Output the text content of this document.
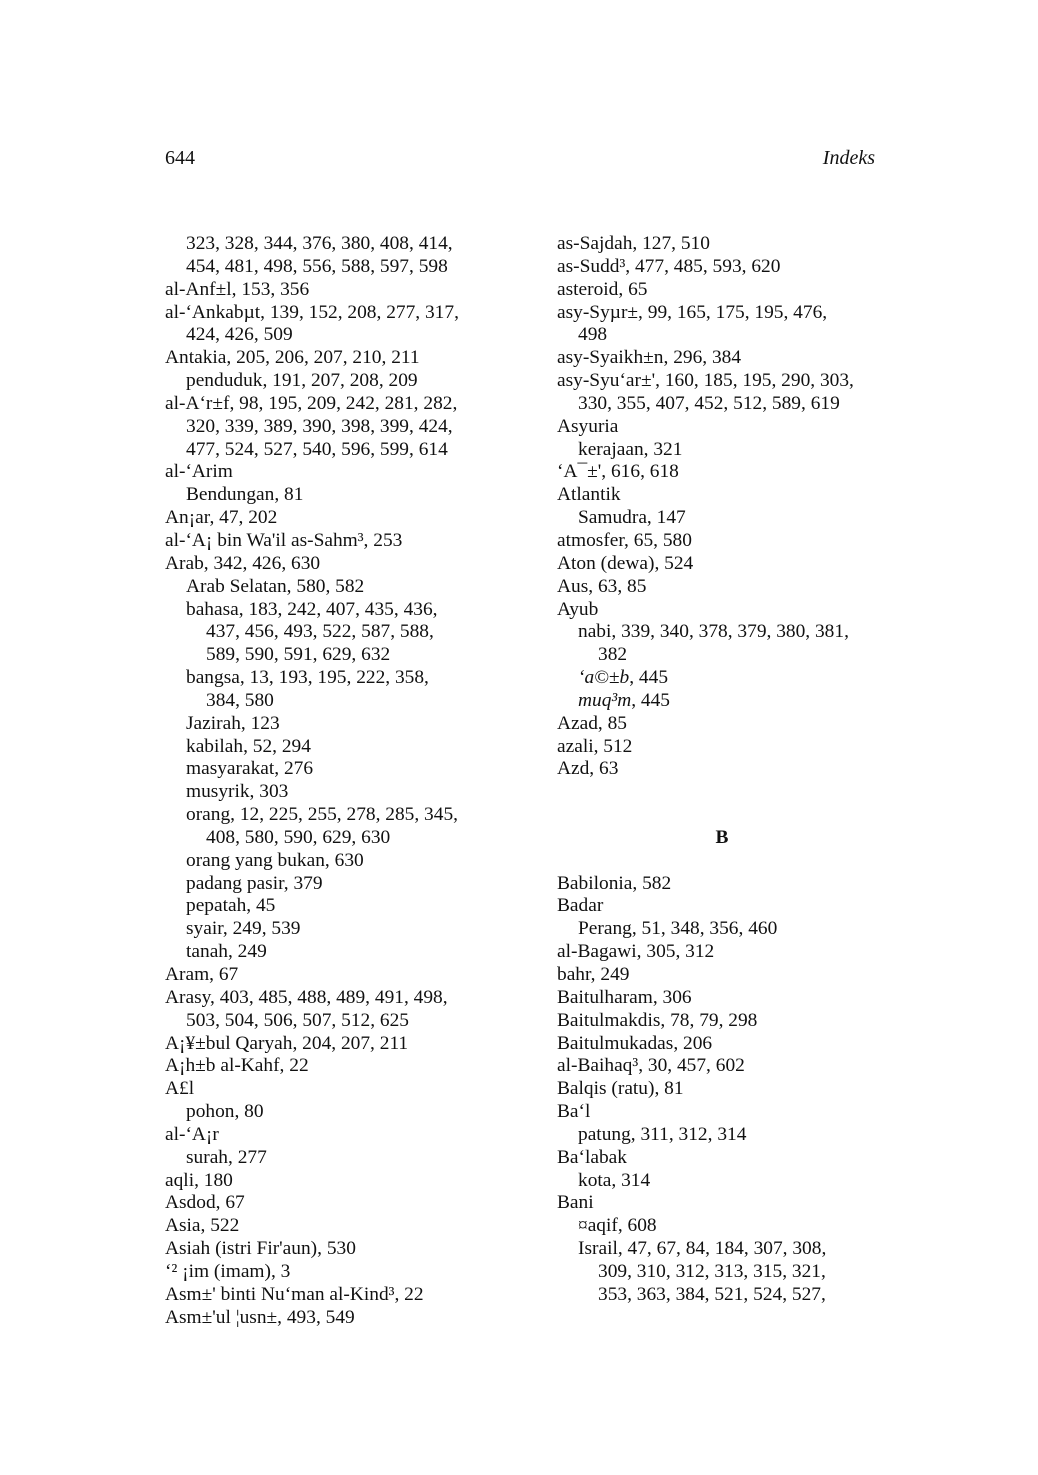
644	Indeks
323, 328, 344, 376, 380, 408, 414,
454, 481, 498, 556, 588, 597, 598
al-Anf±l, 153, 356
al-‘Ankabµt, 139, 152, 208, 277, 317,
424, 426, 509
Antakia, 205, 206, 207, 210, 211
penduduk, 191, 207, 208, 209
al-A‘r±f, 98, 195, 209, 242, 281, 282,
320, 339, 389, 390, 398, 399, 424,
477, 524, 527, 540, 596, 599, 614
al-‘Arim
Bendungan, 81
An¡ar, 47, 202
al-‘A¡ bin Wa'il as-Sahm³, 253
Arab, 342, 426, 630
Arab Selatan, 580, 582
bahasa, 183, 242, 407, 435, 436,
437, 456, 493, 522, 587, 588,
589, 590, 591, 629, 632
bangsa, 13, 193, 195, 222, 358,
384, 580
Jazirah, 123
kabilah, 52, 294
masyarakat, 276
musyrik, 303
orang, 12, 225, 255, 278, 285, 345,
408, 580, 590, 629, 630
orang yang bukan, 630
padang pasir, 379
pepatah, 45
syair, 249, 539
tanah, 249
Aram, 67
Arasy, 403, 485, 488, 489, 491, 498,
503, 504, 506, 507, 512, 625
A¡¥±bul Qaryah, 204, 207, 211
A¡h±b al-Kahf, 22
A£l
pohon, 80
al-‘A¡r
surah, 277
aqli, 180
Asdod, 67
Asia, 522
Asiah (istri Fir'aun), 530
‘² ¡im (imam), 3
Asm±' binti Nu‘man al-Kind³, 22
Asm±'ul ¦usn±, 493, 549
as-Sajdah, 127, 510
as-Sudd³, 477, 485, 593, 620
asteroid, 65
asy-Syµr±, 99, 165, 175, 195, 476,
498
asy-Syaikh±n, 296, 384
asy-Syu‘ar±', 160, 185, 195, 290, 303,
330, 355, 407, 452, 512, 589, 619
Asyuria
kerajaan, 321
‘A¯±', 616, 618
Atlantik
Samudra, 147
atmosfer, 65, 580
Aton (dewa), 524
Aus, 63, 85
Ayub
nabi, 339, 340, 378, 379, 380, 381,
382
‘a©±b, 445
muq³m, 445
Azad, 85
azali, 512
Azd, 63
B
Babilonia, 582
Badar
Perang, 51, 348, 356, 460
al-Bagawi, 305, 312
bahr, 249
Baitulharam, 306
Baitulmakdis, 78, 79, 298
Baitulmukadas, 206
al-Baihaq³, 30, 457, 602
Balqis (ratu), 81
Ba‘l
patung, 311, 312, 314
Ba‘labak
kota, 314
Bani
¤aqif, 608
Israil, 47, 67, 84, 184, 307, 308,
309, 310, 312, 313, 315, 321,
353, 363, 384, 521, 524, 527,
